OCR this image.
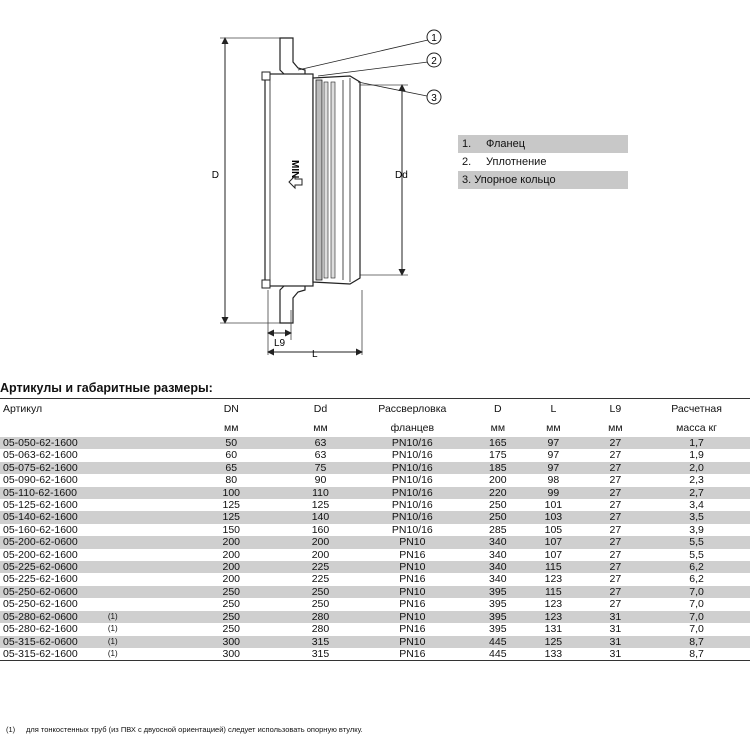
D	Dd
MIN
L9
L
1
2
3
1. Фланец
2. Уплотнение
3. Упорное кольцо
Артикулы и габаритные размеры:
Артикул		DN	Dd	Рассверловка	D	L	L9	Расчетная
		мм	мм	фланцев	мм	мм	мм	масса кг
05-050-62-1600		50	63	PN10/16	165	97	27	1,7
05-063-62-1600		60	63	PN10/16	175	97	27	1,9
05-075-62-1600		65	75	PN10/16	185	97	27	2,0
05-090-62-1600		80	90	PN10/16	200	98	27	2,3
05-110-62-1600		100	110	PN10/16	220	99	27	2,7
05-125-62-1600		125	125	PN10/16	250	101	27	3,4
05-140-62-1600		125	140	PN10/16	250	103	27	3,5
05-160-62-1600		150	160	PN10/16	285	105	27	3,9
05-200-62-0600		200	200	PN10	340	107	27	5,5
05-200-62-1600		200	200	PN16	340	107	27	5,5
05-225-62-0600		200	225	PN10	340	115	27	6,2
05-225-62-1600		200	225	PN16	340	123	27	6,2
05-250-62-0600		250	250	PN10	395	115	27	7,0
05-250-62-1600		250	250	PN16	395	123	27	7,0
05-280-62-0600	(1)	250	280	PN10	395	123	31	7,0
05-280-62-1600	(1)	250	280	PN16	395	131	31	7,0
05-315-62-0600	(1)	300	315	PN10	445	125	31	8,7
05-315-62-1600	(1)	300	315	PN16	445	133	31	8,7
(1) для тонкостенных труб (из ПВХ с двуосной ориентацией) следует использовать опорную втулку.
